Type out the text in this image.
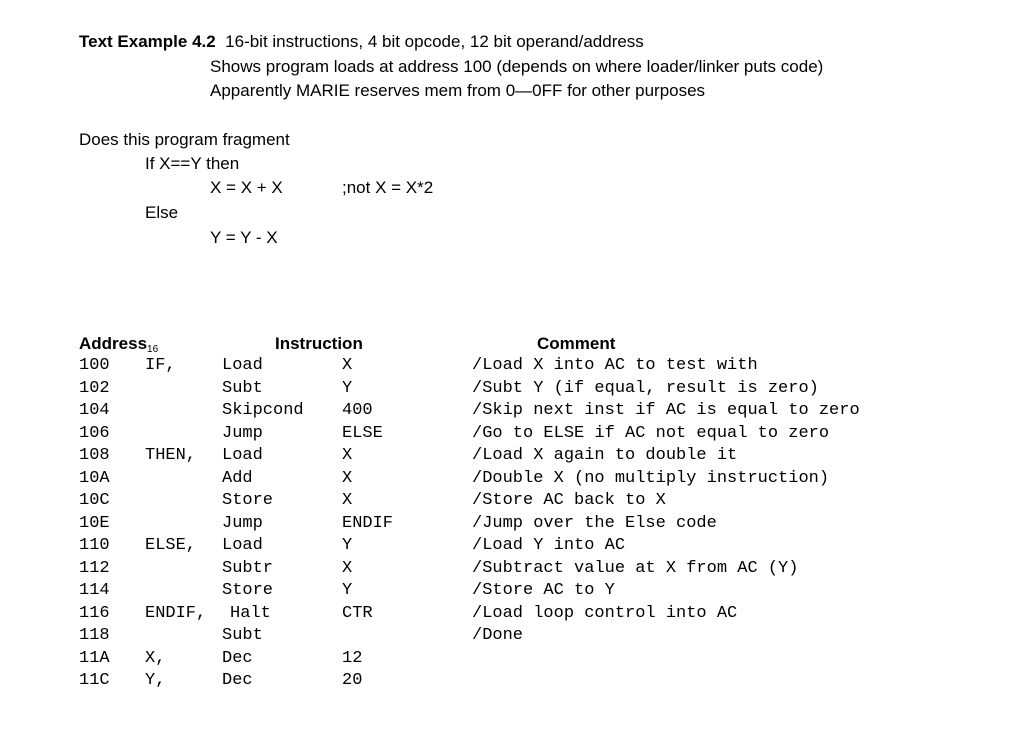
Text Example 4.2 16-bit instructions, 4 bit opcode, 12 bit operand/address
Shows program loads at address 100 (depends on where loader/linker puts code)
Apparently MARIE reserves mem from 0—0FF for other purposes
Does this program fragment
If X==Y then
X = X + X	;not X = X*2
Else
Y = Y - X
Address$_{16}$	Instruction	Comment
100 IF,	Load	X	/Load X into AC to test with
102	Subt	Y	/Subt Y (if equal, result is zero)
104	Skipcond 400	/Skip next inst if AC is equal to zero
106	Jump	ELSE	/Go to ELSE if AC not equal to zero
108 THEN, Load	X	/Load X again to double it
10A	Add	X	/Double X (no multiply instruction)
10C	Store	X	/Store AC back to X
10E	Jump	ENDIF	/Jump over the Else code
110 ELSE, Load	Y	/Load Y into AC
112	Subtr	X	/Subtract value at X from AC (Y)
114	Store	Y	/Store AC to Y
116 ENDIF, Halt	CTR	/Load loop control into AC
118	Subt	/Done
11A X,	Dec	12
11C Y,	Dec	20
